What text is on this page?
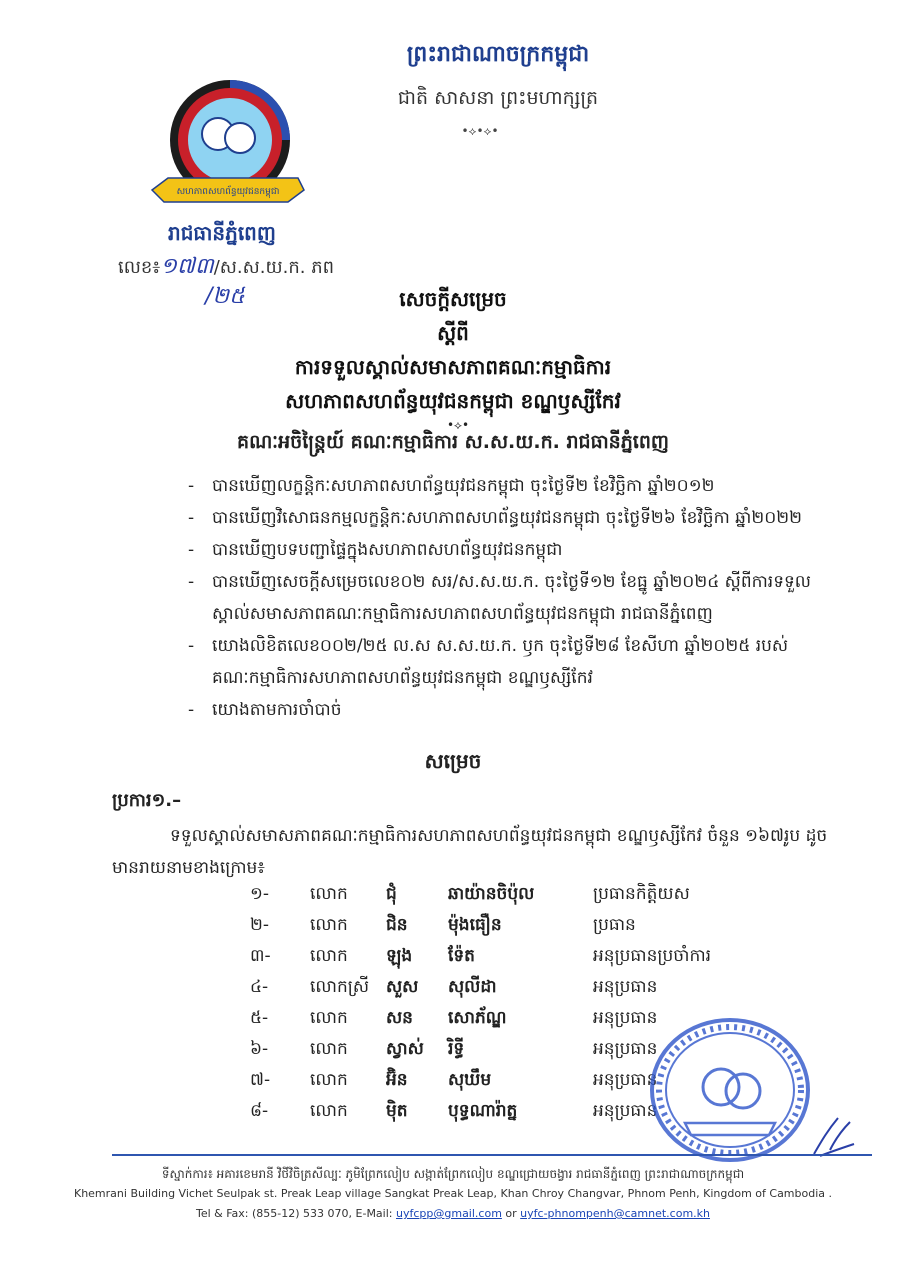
ព្រះរាជាណាចក្រកម្ពុជា
ជាតិ សាសនា ព្រះមហាក្សត្រ
•⟡•⟡•
សហភាពសហព័ន្ធយុវជនកម្ពុជា
រាជធានីភ្នំពេញ
លេខ៖១៧៣/ស.ស.យ.ក. ភព
/២៥	សេចក្តីសម្រេច
ស្តីពី
ការទទួលស្គាល់សមាសភាពគណៈកម្មាធិការ
សហភាពសហព័ន្ធយុវជនកម្ពុជា ខណ្ឌឫស្សីកែវ
•⟡•
គណៈអចិន្ត្រៃយ៍ គណៈកម្មាធិការ ស.ស.យ.ក. រាជធានីភ្នំពេញ
- បានឃើញលក្ខន្តិកៈសហភាពសហព័ន្ធយុវជនកម្ពុជា ចុះថ្ងៃទី២ ខែវិច្ឆិកា ឆ្នាំ២០១២
- បានឃើញវិសោធនកម្មលក្ខន្តិកៈសហភាពសហព័ន្ធយុវជនកម្ពុជា ចុះថ្ងៃទី២៦ ខែវិច្ឆិកា ឆ្នាំ២០២២
- បានឃើញបទបញ្ជាផ្ទៃក្នុងសហភាពសហព័ន្ធយុវជនកម្ពុជា
- បានឃើញសេចក្តីសម្រេចលេខ០២ សរ/ស.ស.យ.ក. ចុះថ្ងៃទី១២ ខែធ្នូ ឆ្នាំ២០២៤ ស្តីពីការទទួលស្គាល់សមាសភាពគណៈកម្មាធិការសហភាពសហព័ន្ធយុវជនកម្ពុជា រាជធានីភ្នំពេញ
- យោងលិខិតលេខ០០២/២៥ ល.ស ស.ស.យ.ក. ឫក ចុះថ្ងៃទី២៨ ខែសីហា ឆ្នាំ២០២៥ របស់គណៈកម្មាធិការសហភាពសហព័ន្ធយុវជនកម្ពុជា ខណ្ឌឫស្សីកែវ
- យោងតាមការចាំបាច់
សម្រេច
ប្រការ១.–
ទទួលស្គាល់សមាសភាពគណៈកម្មាធិការសហភាពសហព័ន្ធយុវជនកម្ពុជា ខណ្ឌឫស្សីកែវ ចំនួន ១៦៧រូប ដូចមានរាយនាមខាងក្រោម៖
១-	លោក	ជុំ	ឆាយ៉ានចិប៉ុល	ប្រធានកិត្តិយស
២-	លោក	ជិន	ម៉ុងធឿន	ប្រធាន
៣-	លោក	ឡុង	ទ៉ែត	អនុប្រធានប្រចាំការ
៤-	លោកស្រី	សួស	សុលីដា	អនុប្រធាន
៥-	លោក	សន	សោភ័ណ្ឌ	អនុប្រធាន
៦-	លោក	ស្វាស់	រិទ្ធី	អនុប្រធាន
៧-	លោក	អ៊ិន	សុឃឹម	អនុប្រធាន
៨-	លោក	ម៉ិត	បុទ្ធណារ៉ាត្ន	អនុប្រធាន
ទីស្នាក់ការ៖ អគារខេមរានី វិថីវិចិត្រសីល្បៈ ភូមិព្រែកលៀប សង្កាត់ព្រែកលៀប ខណ្ឌជ្រោយចង្វារ រាជធានីភ្នំពេញ ព្រះរាជាណាចក្រកម្ពុជា
Khemrani Building Vichet Seulpak st. Preak Leap village Sangkat Preak Leap, Khan Chroy Changvar, Phnom Penh, Kingdom of Cambodia .
Tel & Fax: (855-12) 533 070, E-Mail: uyfcpp@gmail.com or uyfc-phnompenh@camnet.com.kh
